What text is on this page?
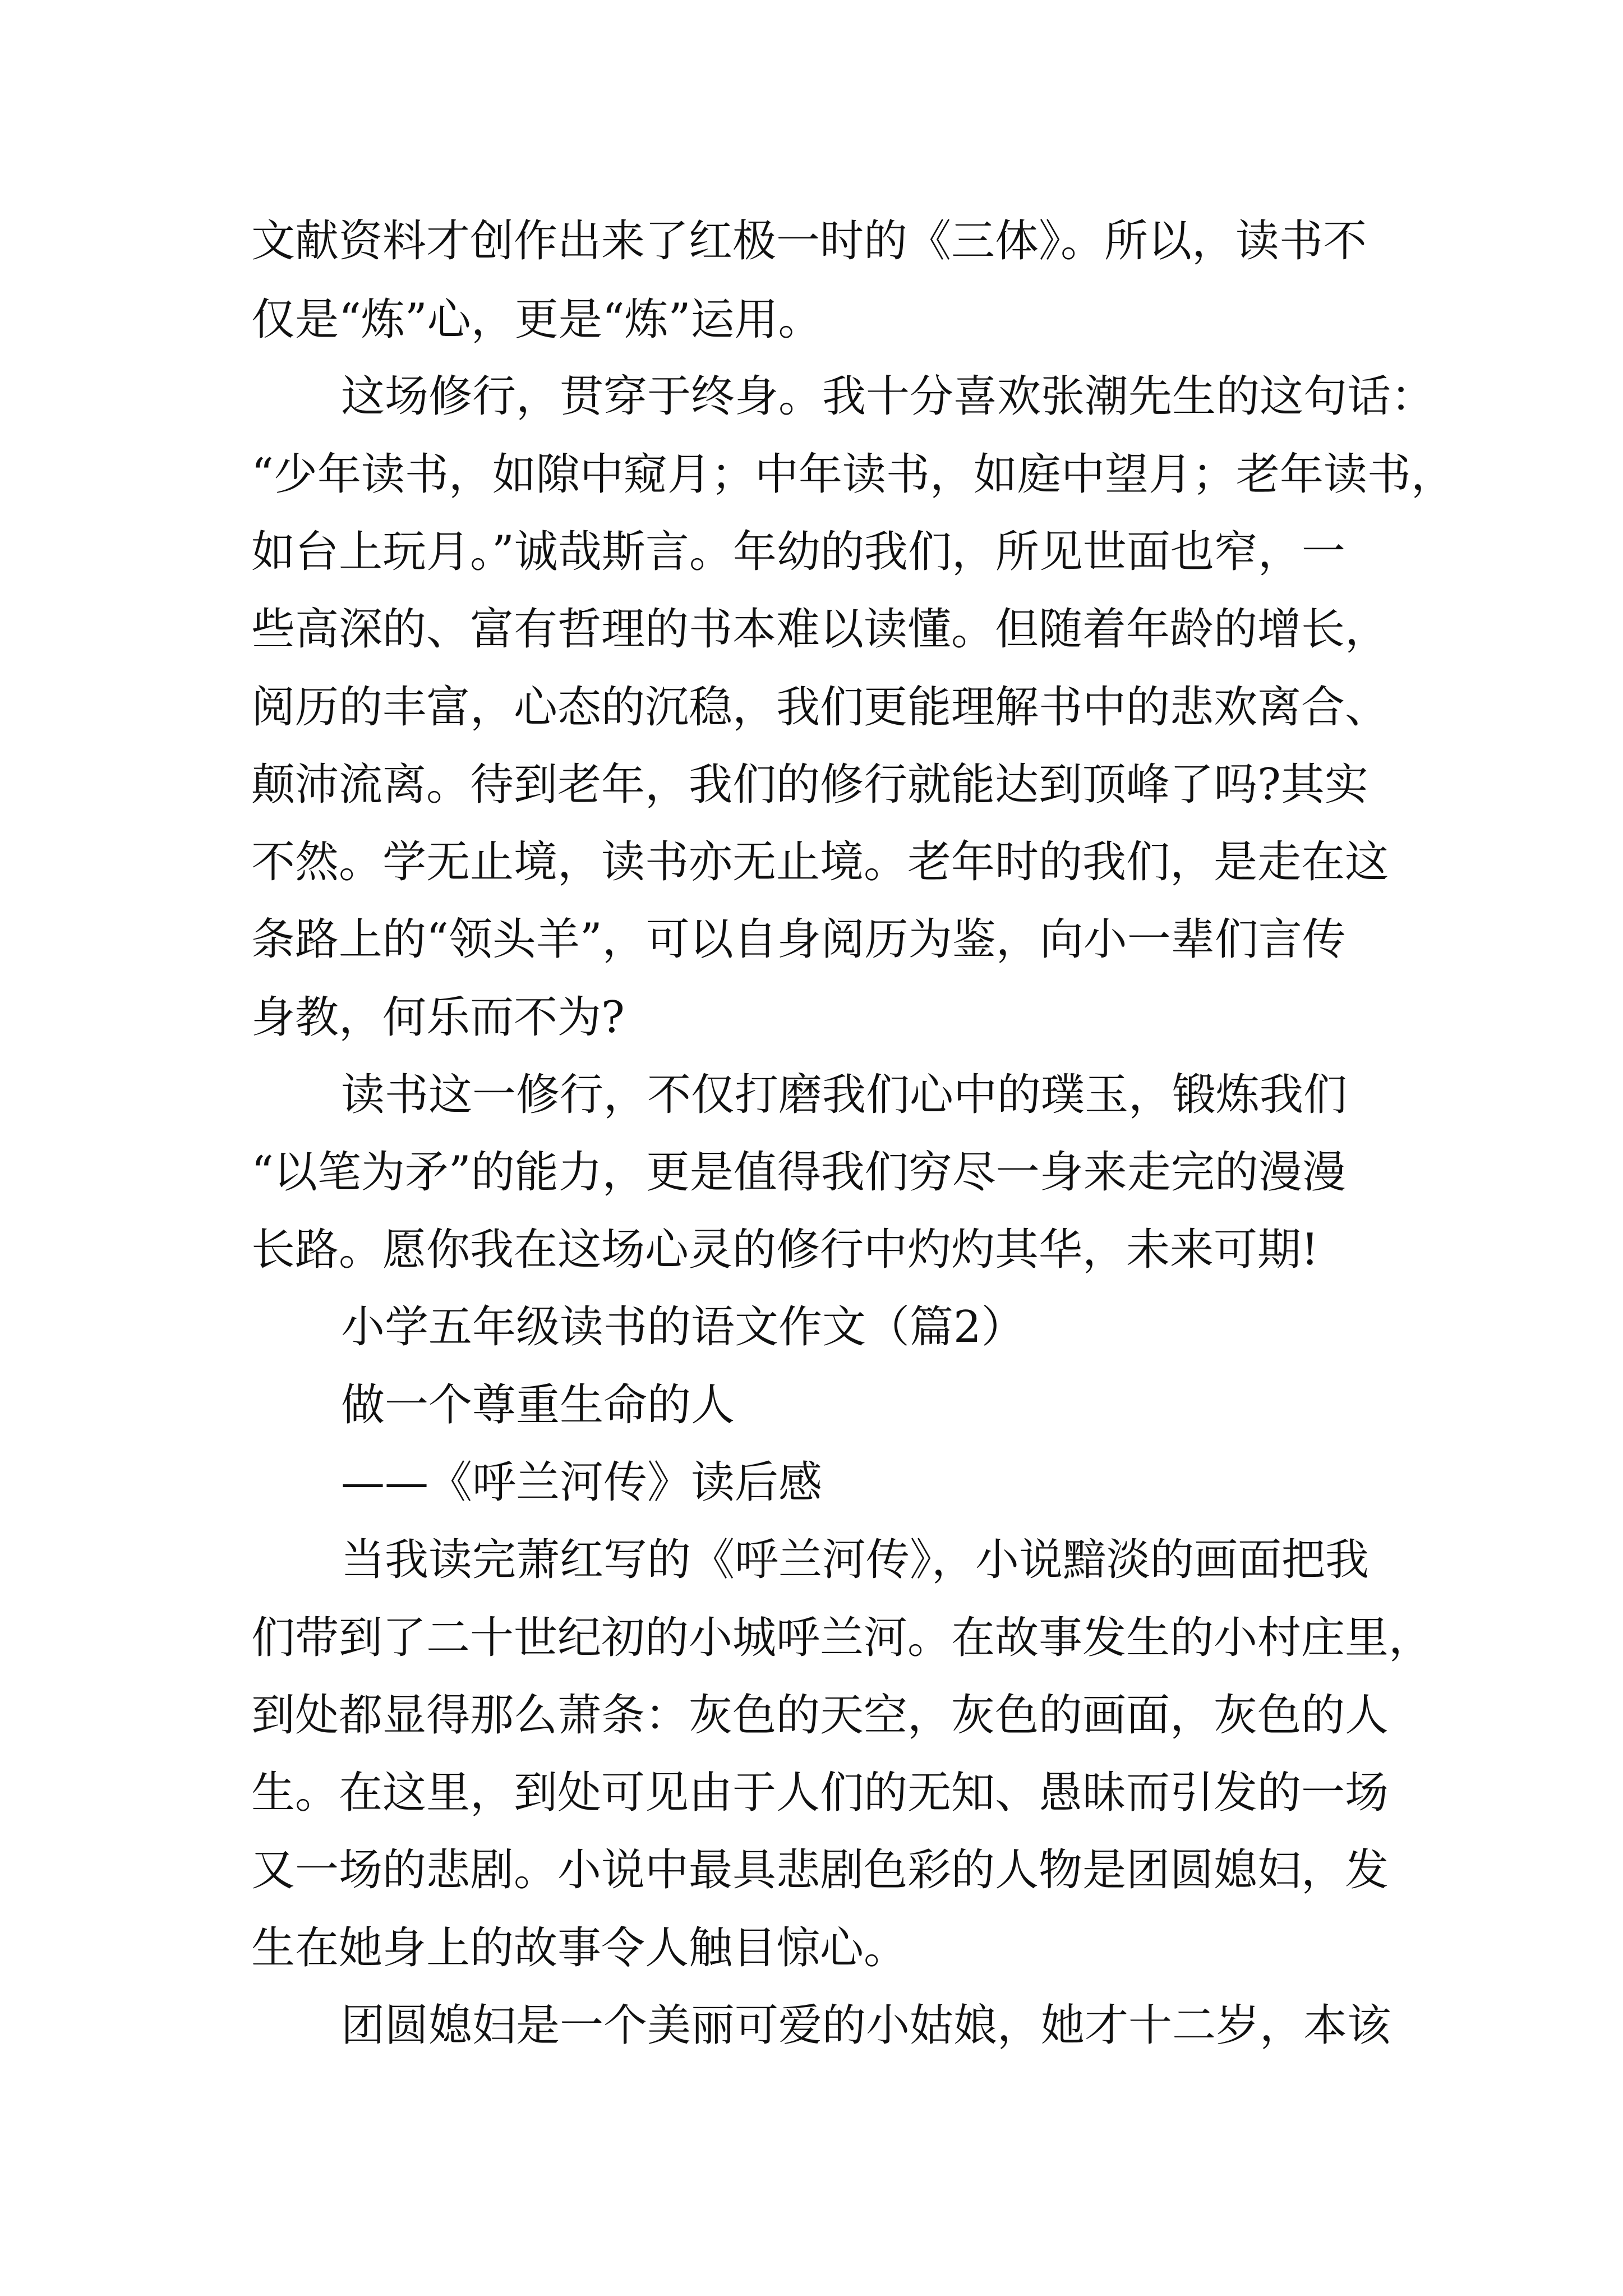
文献资料才创作出来了红极一时的《三体》。所以，读书不
仅是“炼”心，更是“炼”运用。
这场修行，贯穿于终身。我十分喜欢张潮先生的这句话：
“少年读书，如隙中窥月；中年读书，如庭中望月；老年读书，
如台上玩月。”诚哉斯言。年幼的我们，所见世面也窄，一
些高深的、富有哲理的书本难以读懂。但随着年龄的增长，
阅历的丰富，心态的沉稳，我们更能理解书中的悲欢离合、
颠沛流离。待到老年，我们的修行就能达到顶峰了吗?其实
不然。学无止境，读书亦无止境。老年时的我们，是走在这
条路上的“领头羊”，可以自身阅历为鉴，向小一辈们言传
身教，何乐而不为?
读书这一修行，不仅打磨我们心中的璞玉，锻炼我们
“以笔为矛”的能力，更是值得我们穷尽一身来走完的漫漫
长路。愿你我在这场心灵的修行中灼灼其华，未来可期!
小学五年级读书的语文作文（篇2）
做一个尊重生命的人
——《呼兰河传》读后感
当我读完萧红写的《呼兰河传》，小说黯淡的画面把我
们带到了二十世纪初的小城呼兰河。在故事发生的小村庄里，
到处都显得那么萧条：灰色的天空，灰色的画面，灰色的人
生。在这里，到处可见由于人们的无知、愚昧而引发的一场
又一场的悲剧。小说中最具悲剧色彩的人物是团圆媳妇，发
生在她身上的故事令人触目惊心。
团圆媳妇是一个美丽可爱的小姑娘，她才十二岁，本该
